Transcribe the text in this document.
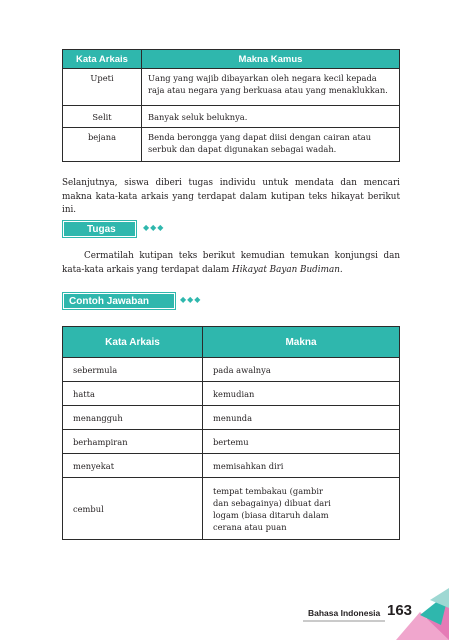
Kata Arkais	Makna Kamus
Upeti	Uang yang wajib dibayarkan oleh negara kecil kepada raja atau negara yang berkuasa atau yang menaklukkan.
Selit	Banyak seluk beluknya.
bejana	Benda berongga yang dapat diisi dengan cairan atau serbuk dan dapat digunakan sebagai wadah.

Selanjutnya, siswa diberi tugas individu untuk mendata dan mencari makna kata-kata arkais yang terdapat dalam kutipan teks hikayat berikut ini.

Tugas	◆◆◆

Cermatilah kutipan teks berikut kemudian temukan konjungsi dan kata-kata arkais yang terdapat dalam Hikayat Bayan Budiman.

Contoh Jawaban	◆◆◆
Kata Arkais	Makna
sebermula	pada awalnya
hatta	kemudian
menangguh	menunda
berhampiran	bertemu
menyekat	memisahkan diri
cembul	tempat tembakau (gambir dan sebagainya) dibuat dari logam (biasa ditaruh dalam cerana atau puan
Bahasa Indonesia 163
